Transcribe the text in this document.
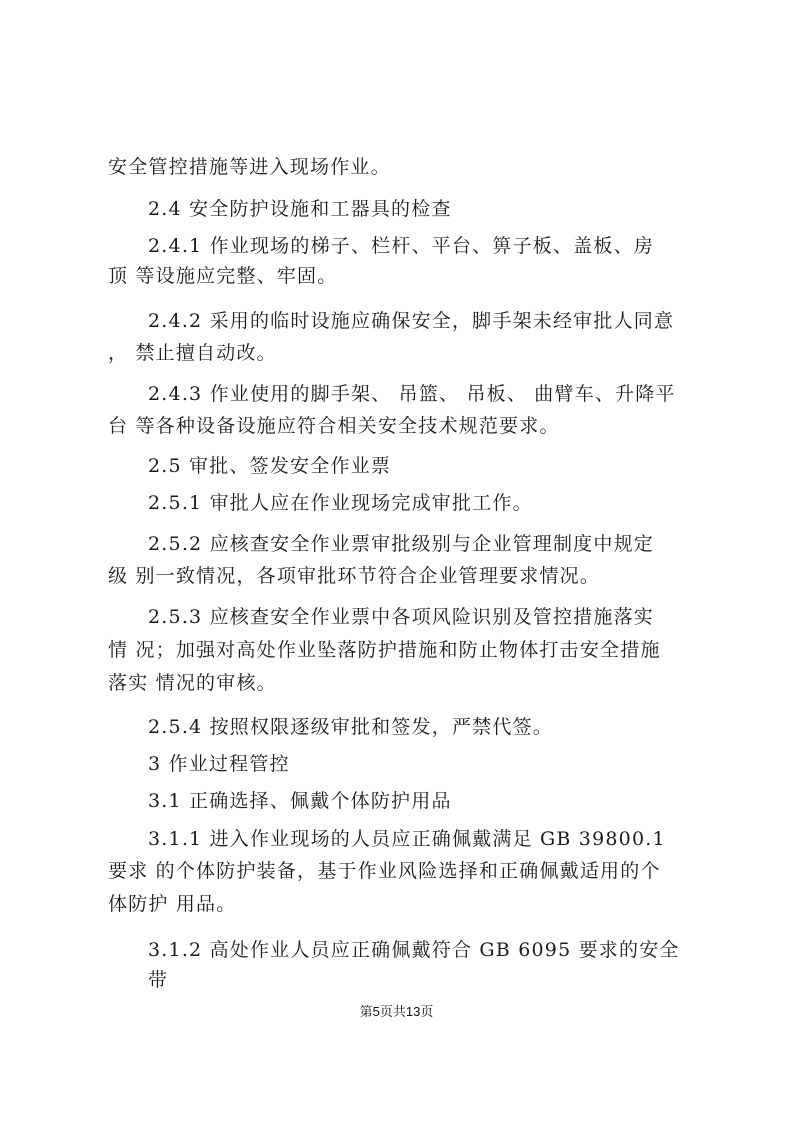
安全管控措施等进入现场作业。
2.4 安全防护设施和工器具的检查
2.4.1 作业现场的梯子、栏杆、平台、箅子板、盖板、房
顶 等设施应完整、牢固。
2.4.2 采用的临时设施应确保安全，脚手架未经审批人同意
， 禁止擅自动改。
2.4.3 作业使用的脚手架、 吊篮、 吊板、 曲臂车、升降平
台 等各种设备设施应符合相关安全技术规范要求。
2.5 审批、签发安全作业票
2.5.1 审批人应在作业现场完成审批工作。
2.5.2 应核查安全作业票审批级别与企业管理制度中规定
级 别一致情况，各项审批环节符合企业管理要求情况。
2.5.3 应核查安全作业票中各项风险识别及管控措施落实
情 况；加强对高处作业坠落防护措施和防止物体打击安全措施
落实 情况的审核。
2.5.4 按照权限逐级审批和签发，严禁代签。
3 作业过程管控
3.1 正确选择、佩戴个体防护用品
3.1.1 进入作业现场的人员应正确佩戴满足 GB 39800.1
要求 的个体防护装备，基于作业风险选择和正确佩戴适用的个
体防护 用品。
3.1.2 高处作业人员应正确佩戴符合 GB 6095 要求的安全
带
第5页共13页
